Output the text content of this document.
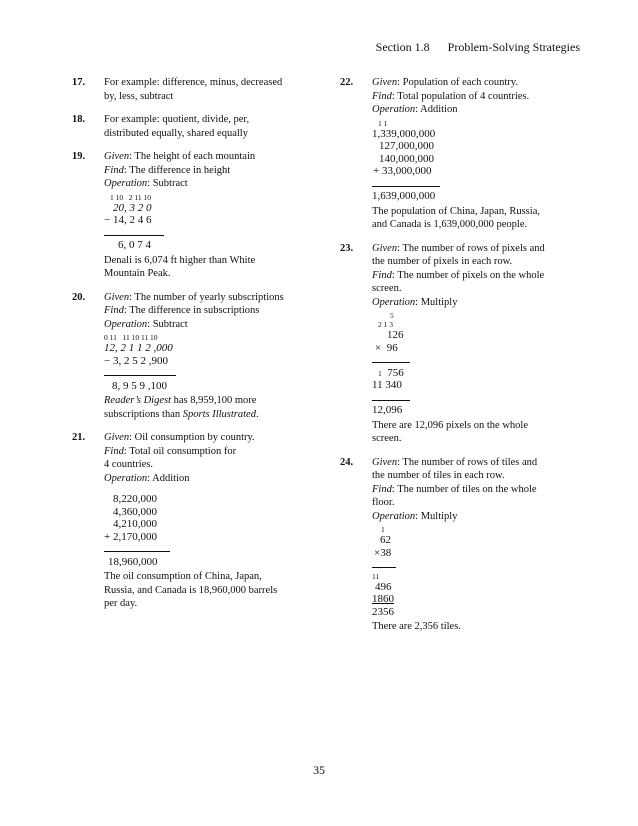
Section 1.8 Problem-Solving Strategies
17. For example: difference, minus, decreased
by, less, subtract
18. For example: quotient, divide, per,
distributed equally, shared equally
19. Given: The height of each mountain
Find: The difference in height
Operation: Subtract
1 10   2 11 10
20, 3 2 0
− 14, 2 4 6
6, 0 7 4
Denali is 6,074 ft higher than White
Mountain Peak.
20. Given: The number of yearly subscriptions
Find: The difference in subscriptions
Operation: Subtract
0 11   11 10 11 10
12, 2 1 1 2 ,000
− 3, 2 5 2 ,900
8, 9 5 9 ,100
Reader’s Digest has 8,959,100 more
subscriptions than Sports Illustrated.
21. Given: Oil consumption by country.
Find: Total oil consumption for
4 countries.
Operation: Addition
8,220,000
4,360,000
4,210,000
+ 2,170,000
18,960,000
The oil consumption of China, Japan,
Russia, and Canada is 18,960,000 barrels
per day.
22. Given: Population of each country.
Find: Total population of 4 countries.
Operation: Addition
1 1
1,339,000,000
127,000,000
140,000,000
+ 33,000,000
1,639,000,000
The population of China, Japan, Russia,
and Canada is 1,639,000,000 people.
23. Given: The number of rows of pixels and
the number of pixels in each row.
Find: The number of pixels on the whole
screen.
Operation: Multiply
5
2 1 3
126
×  96
1 756
11 340
12,096
There are 12,096 pixels on the whole
screen.
24. Given: The number of rows of tiles and
the number of tiles in each row.
Find: The number of tiles on the whole
floor.
Operation: Multiply
1
62
×38
11
496
1860
2356
There are 2,356 tiles.
35
